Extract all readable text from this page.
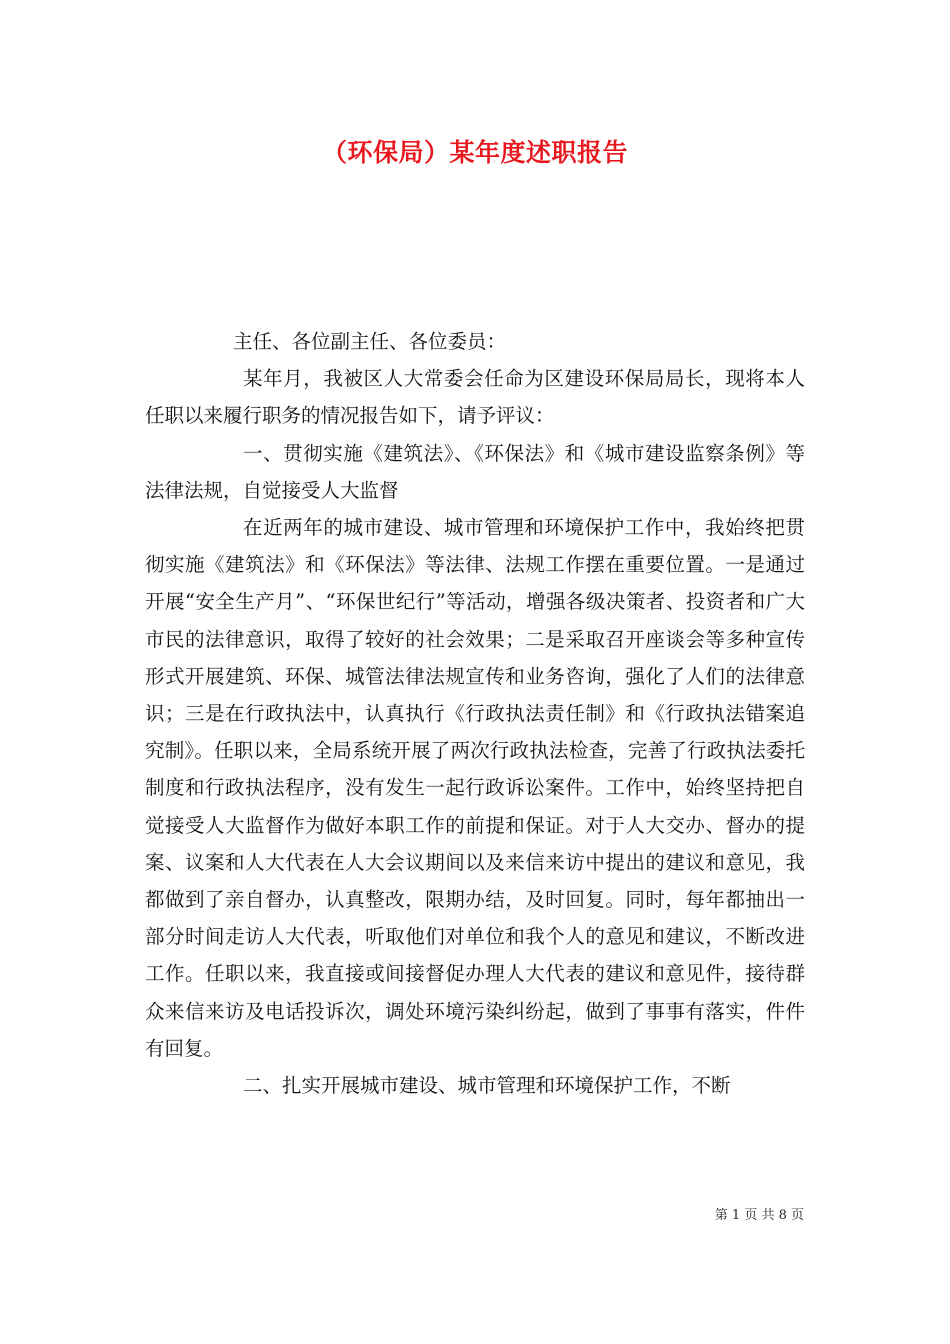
（环保局）某年度述职报告

主任、各位副主任、各位委员：

某年月，我被区人大常委会任命为区建设环保局局长，现将本人任职以来履行职务的情况报告如下，请予评议：

一、贯彻实施《建筑法》、《环保法》和《城市建设监察条例》等法律法规，自觉接受人大监督

在近两年的城市建设、城市管理和环境保护工作中，我始终把贯彻实施《建筑法》和《环保法》等法律、法规工作摆在重要位置。一是通过开展“安全生产月”、“环保世纪行”等活动，增强各级决策者、投资者和广大市民的法律意识，取得了较好的社会效果；二是采取召开座谈会等多种宣传形式开展建筑、环保、城管法律法规宣传和业务咨询，强化了人们的法律意识；三是在行政执法中，认真执行《行政执法责任制》和《行政执法错案追究制》。任职以来，全局系统开展了两次行政执法检查，完善了行政执法委托制度和行政执法程序，没有发生一起行政诉讼案件。工作中，始终坚持把自觉接受人大监督作为做好本职工作的前提和保证。对于人大交办、督办的提案、议案和人大代表在人大会议期间以及来信来访中提出的建议和意见，我都做到了亲自督办，认真整改，限期办结，及时回复。同时，每年都抽出一部分时间走访人大代表，听取他们对单位和我个人的意见和建议，不断改进工作。任职以来，我直接或间接督促办理人大代表的建议和意见件，接待群众来信来访及电话投诉次，调处环境污染纠纷起，做到了事事有落实，件件有回复。

二、扎实开展城市建设、城市管理和环境保护工作，不断

第 1 页 共 8 页
